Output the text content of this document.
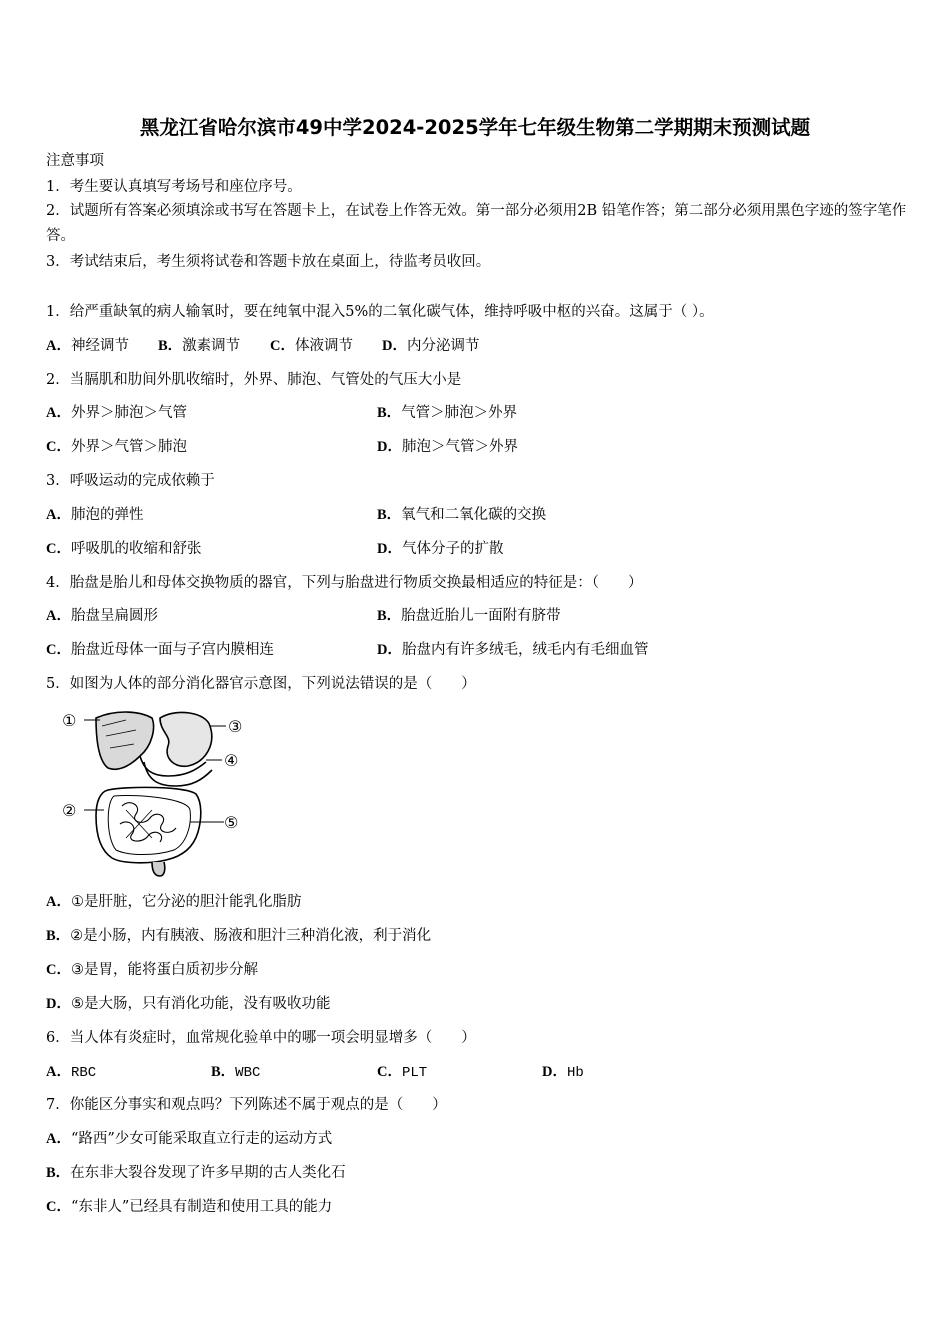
黑龙江省哈尔滨市49中学2024-2025学年七年级生物第二学期期末预测试题
注意事项
1．考生要认真填写考场号和座位序号。
2．试题所有答案必须填涂或书写在答题卡上，在试卷上作答无效。第一部分必须用2B 铅笔作答；第二部分必须用黑色字迹的签字笔作答。
3．考试结束后，考生须将试卷和答题卡放在桌面上，待监考员收回。
1．给严重缺氧的病人输氧时，要在纯氧中混入5%的二氧化碳气体，维持呼吸中枢的兴奋。这属于（ ）。
A．神经调节 B．激素调节 C．体液调节 D．内分泌调节
2．当膈肌和肋间外肌收缩时，外界、肺泡、气管处的气压大小是
A．外界＞肺泡＞气管	B．气管＞肺泡＞外界
C．外界＞气管＞肺泡	D．肺泡＞气管＞外界
3．呼吸运动的完成依赖于
A．肺泡的弹性	B．氧气和二氧化碳的交换
C．呼吸肌的收缩和舒张	D．气体分子的扩散
4．胎盘是胎儿和母体交换物质的器官，下列与胎盘进行物质交换最相适应的特征是：（　　）
A．胎盘呈扁圆形	B．胎盘近胎儿一面附有脐带
C．胎盘近母体一面与子宫内膜相连	D．胎盘内有许多绒毛，绒毛内有毛细血管
5．如图为人体的部分消化器官示意图，下列说法错误的是（　　）
①	③
④
②
⑤
A．①是肝脏，它分泌的胆汁能乳化脂肪
B．②是小肠，内有胰液、肠液和胆汁三种消化液，利于消化
C．③是胃，能将蛋白质初步分解
D．⑤是大肠，只有消化功能，没有吸收功能
6．当人体有炎症时，血常规化验单中的哪一项会明显增多（　　）
A．RBC	B．WBC	C．PLT	D．Hb
7．你能区分事实和观点吗？下列陈述不属于观点的是（　　）
A．“路西”少女可能采取直立行走的运动方式
B．在东非大裂谷发现了许多早期的古人类化石
C．“东非人”已经具有制造和使用工具的能力
